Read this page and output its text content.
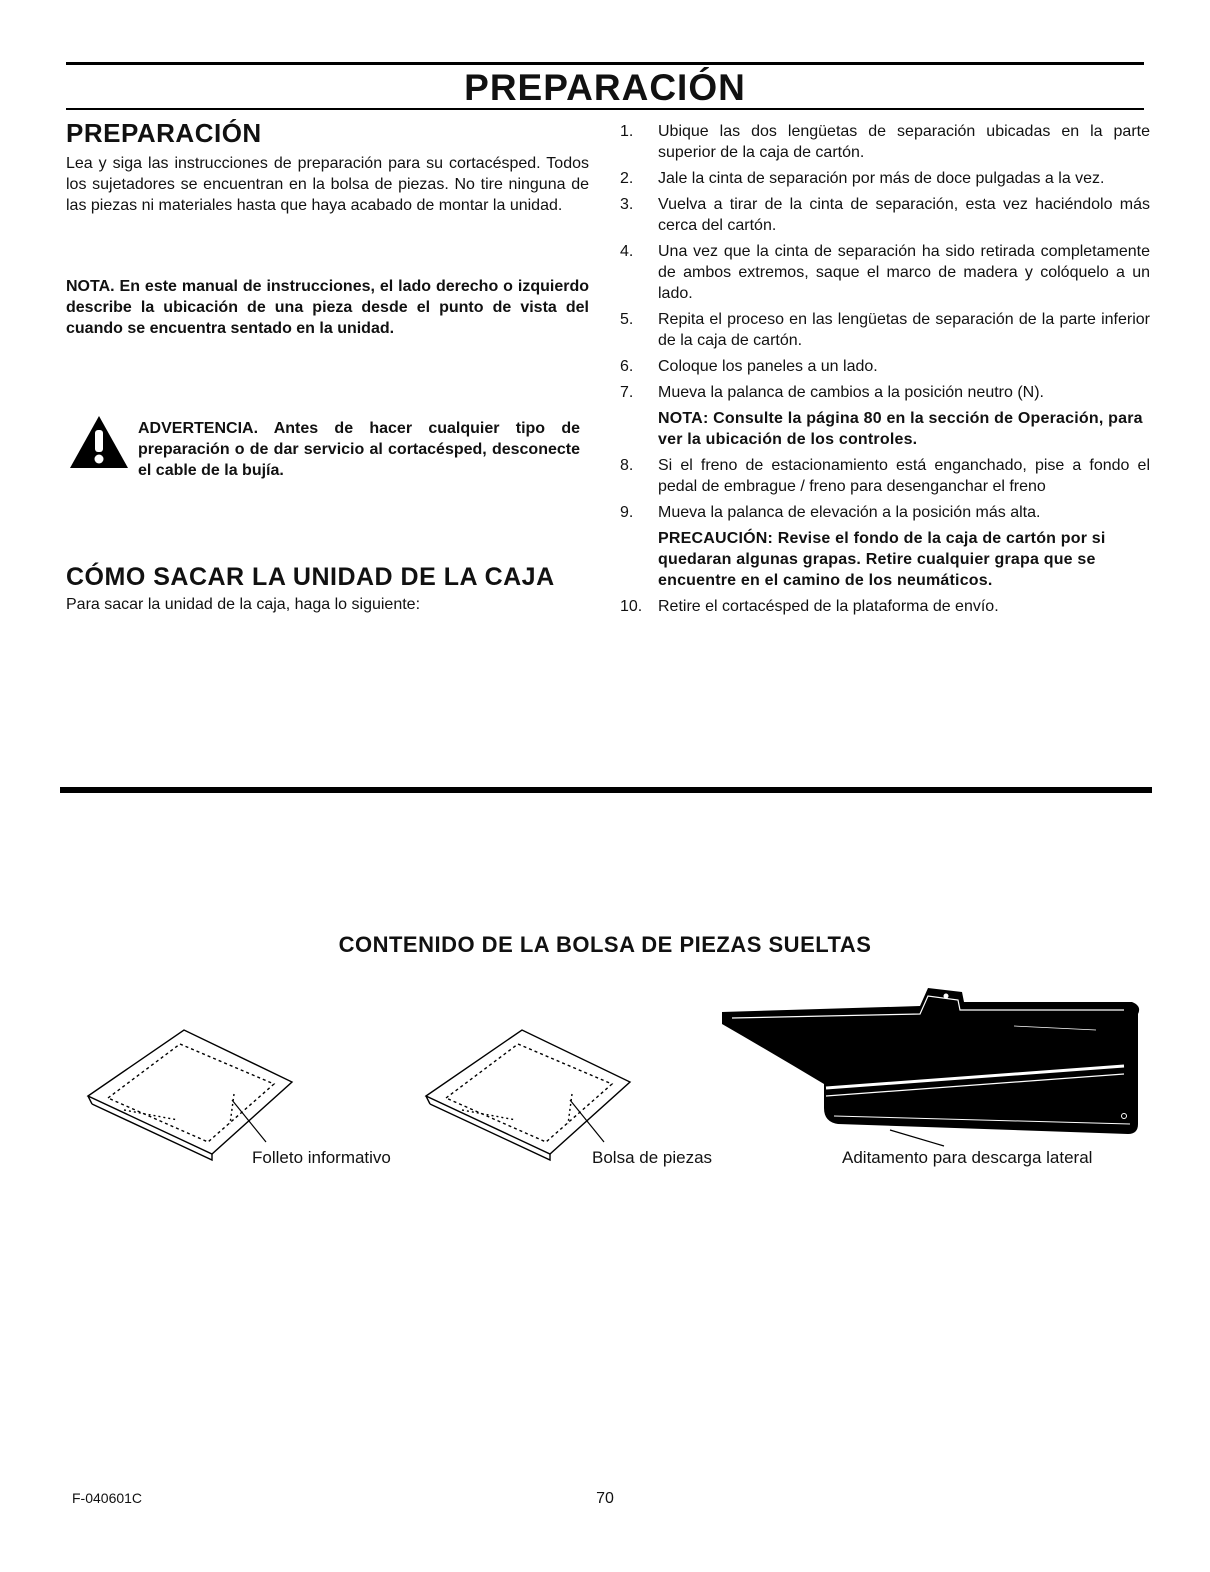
PREPARACIÓN
PREPARACIÓN
Lea y siga las instrucciones de preparación para su cortacésped. Todos los sujetadores se encuentran en la bolsa de piezas. No tire ninguna de las piezas ni materiales hasta que haya acabado de montar la unidad.
NOTA. En este manual de instrucciones, el lado derecho o izquierdo describe la ubicación de una pieza desde el punto de vista del cuando se encuentra sentado en la unidad.
ADVERTENCIA. Antes de hacer cualquier tipo de preparación o de dar servicio al cortacésped, desconecte el cable de la bujía.
CÓMO SACAR LA UNIDAD DE LA CAJA
Para sacar la unidad de la caja, haga lo siguiente:
1.	Ubique las dos lengüetas de separación ubicadas en la parte superior de la caja de cartón.
2.	Jale la cinta de separación por más de doce pulgadas a la vez.
3.	Vuelva a tirar de la cinta de separación, esta vez haciéndolo más cerca del cartón.
4.	Una vez que la cinta de separación ha sido retirada completamente de ambos extremos, saque el marco de madera y colóquelo a un lado.
5.	Repita el proceso en las lengüetas de separación de la parte inferior de la caja de cartón.
6.	Coloque los paneles a un lado.
7.	Mueva la palanca de cambios a la posición neutro (N).
NOTA: Consulte la página 80 en la sección de Operación, para ver la ubicación de los controles.
8.	Si el freno de estacionamiento está enganchado, pise a fondo el pedal de embrague / freno para desenganchar el freno
9.	Mueva la palanca de elevación a la posición más alta.
PRECAUCIÓN: Revise el fondo de la caja de cartón por si quedaran algunas grapas. Retire cualquier grapa que se encuentre en el camino de los neumáticos.
10. Retire el cortacésped de la plataforma de envío.
CONTENIDO DE LA BOLSA DE PIEZAS SUELTAS
Folleto informativo	Bolsa de piezas	Aditamento para descarga lateral
F-040601C	70
